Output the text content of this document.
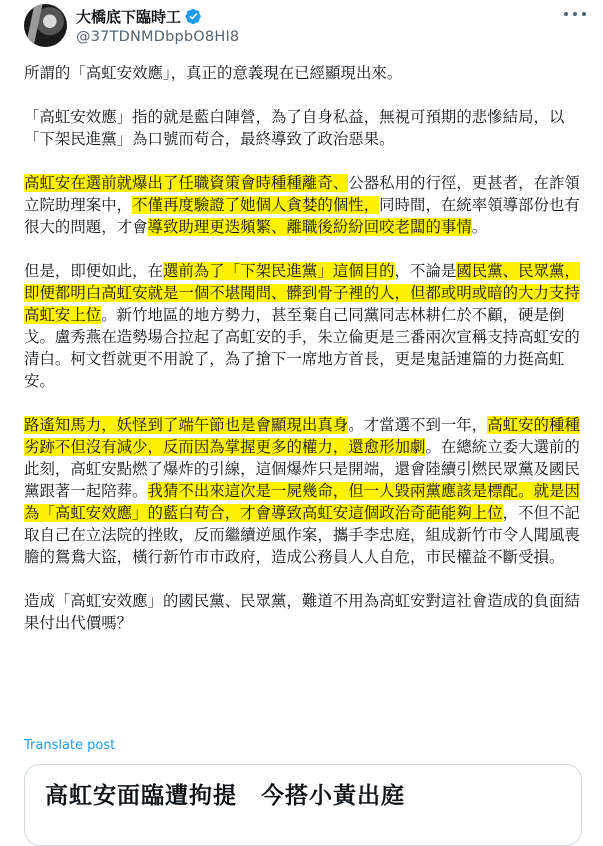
大橋底下臨時工
@37TDNMDbpbO8HI8

所謂的「高虹安效應」，真正的意義現在已經顯現出來。

「高虹安效應」指的就是藍白陣營，為了自身私益，無視可預期的悲慘結局，以「下架民進黨」為口號而苟合，最終導致了政治惡果。

高虹安在選前就爆出了任職資策會時種種離奇、公器私用的行徑，更甚者，在詐領立院助理案中，不僅再度驗證了她個人貪婪的個性，同時間，在統率領導部份也有很大的問題，才會導致助理更迭頻繁、離職後紛紛回咬老闆的事情。

但是，即便如此，在選前為了「下架民進黨」這個目的，不論是國民黨、民眾黨，即便都明白高虹安就是一個不堪聞問、髒到骨子裡的人，但都或明或暗的大力支持高虹安上位。新竹地區的地方勢力，甚至棄自己同黨同志林耕仁於不顧，硬是倒戈。盧秀燕在造勢場合拉起了高虹安的手，朱立倫更是三番兩次宣稱支持高虹安的清白。柯文哲就更不用說了，為了搶下一席地方首長，更是鬼話連篇的力挺高虹安。

路遙知馬力，妖怪到了端午節也是會顯現出真身。才當選不到一年，高虹安的種種劣跡不但沒有減少，反而因為掌握更多的權力，還愈形加劇。在總統立委大選前的此刻，高虹安點燃了爆炸的引線，這個爆炸只是開端，還會陸續引燃民眾黨及國民黨跟著一起陪葬。我猜不出來這次是一屍幾命，但一人毀兩黨應該是標配。就是因為「高虹安效應」的藍白苟合，才會導致高虹安這個政治奇葩能夠上位，不但不記取自己在立法院的挫敗，反而繼續逆風作案，攜手李忠庭，組成新竹市令人聞風喪膽的鴛鴦大盜，橫行新竹市市政府，造成公務員人人自危，市民權益不斷受損。

造成「高虹安效應」的國民黨、民眾黨，難道不用為高虹安對這社會造成的負面結果付出代價嗎？

Translate post
高虹安面臨遭拘提　今搭小黃出庭
